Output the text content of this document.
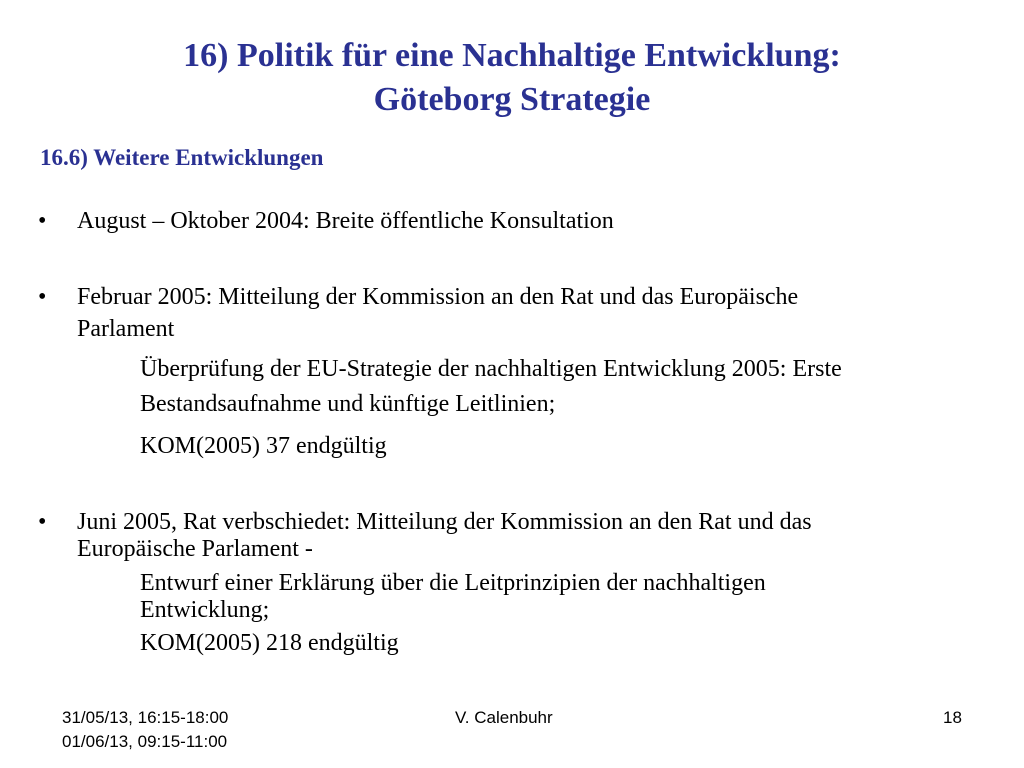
16) Politik für eine Nachhaltige Entwicklung:
Göteborg Strategie
16.6) Weitere Entwicklungen
• August – Oktober 2004: Breite öffentliche Konsultation
• Februar 2005: Mitteilung der Kommission an den Rat und das Europäische
Parlament
Überprüfung der EU-Strategie der nachhaltigen Entwicklung 2005: Erste
Bestandsaufnahme und künftige Leitlinien;
KOM(2005) 37 endgültig
• Juni 2005, Rat verbschiedet: Mitteilung der Kommission an den Rat und das
Europäische Parlament -
Entwurf einer Erklärung über die Leitprinzipien der nachhaltigen
Entwicklung;
KOM(2005) 218 endgültig
31/05/13, 16:15-18:00
01/06/13, 09:15-11:00
V. Calenbuhr	18
